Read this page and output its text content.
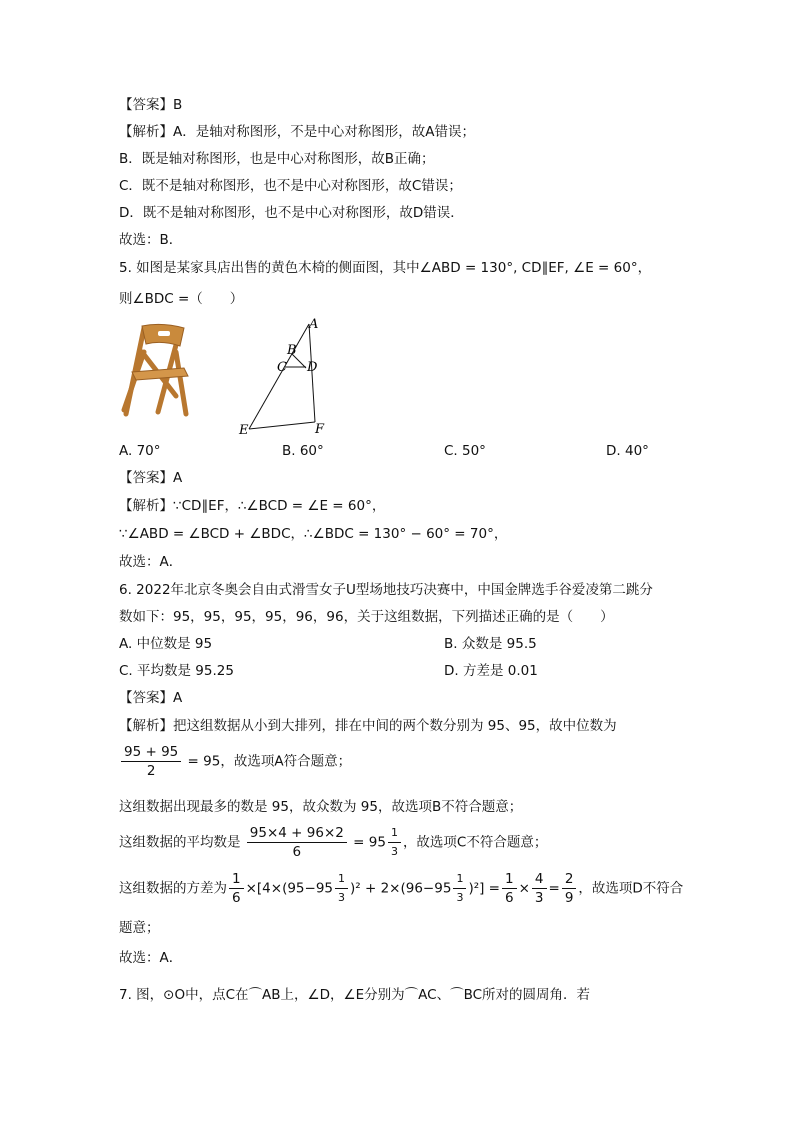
【答案】B
【解析】A．是轴对称图形，不是中心对称图形，故A错误；
B．既是轴对称图形，也是中心对称图形，故B正确；
C．既不是轴对称图形，也不是中心对称图形，故C错误；
D．既不是轴对称图形，也不是中心对称图形，故D错误．
故选：B．
5. 如图是某家具店出售的黄色木椅的侧面图，其中∠ABD = 130°, CD∥EF, ∠E = 60°，
则∠BDC =（　　）
A
B
C D
E	F
A. 70°	B. 60°	C. 50°	D. 40°
【答案】A
【解析】∵CD∥EF，∴∠BCD = ∠E = 60°，
∵∠ABD = ∠BCD + ∠BDC，∴∠BDC = 130° − 60° = 70°，
故选：A．
6. 2022年北京冬奥会自由式滑雪女子U型场地技巧决赛中，中国金牌选手谷爱凌第二跳分
数如下：95，95，95，95，96，96，关于这组数据，下列描述正确的是（　　）
A. 中位数是 95	B. 众数是 95.5
C. 平均数是 95.25	D. 方差是 0.01
【答案】A
【解析】把这组数据从小到大排列，排在中间的两个数分别为 95、95，故中位数为
$\frac{95 + 95}{2} = 95$，故选项A符合题意；
这组数据出现最多的数是 95，故众数为 95，故选项B不符合题意；
这组数据的平均数是 $\frac{95\times 4 + 96\times 2}{6} = 95 \frac{1}{3}$ ，故选项C不符合题意；
这组数据的方差为 $\frac{1}{6} \times[4\times(95-95 \frac{1}{3} )^2 + 2\times(96-95 \frac{1}{3} )^2] = \frac{1}{6} \times \frac{4}{3} = \frac{2}{9}$ ，故选项D不符合
题意；
故选：A．
7. 图，⊙O中，点C在⌒AB上，∠D，∠E分别为⌒AC、⌒BC所对的圆周角．若
